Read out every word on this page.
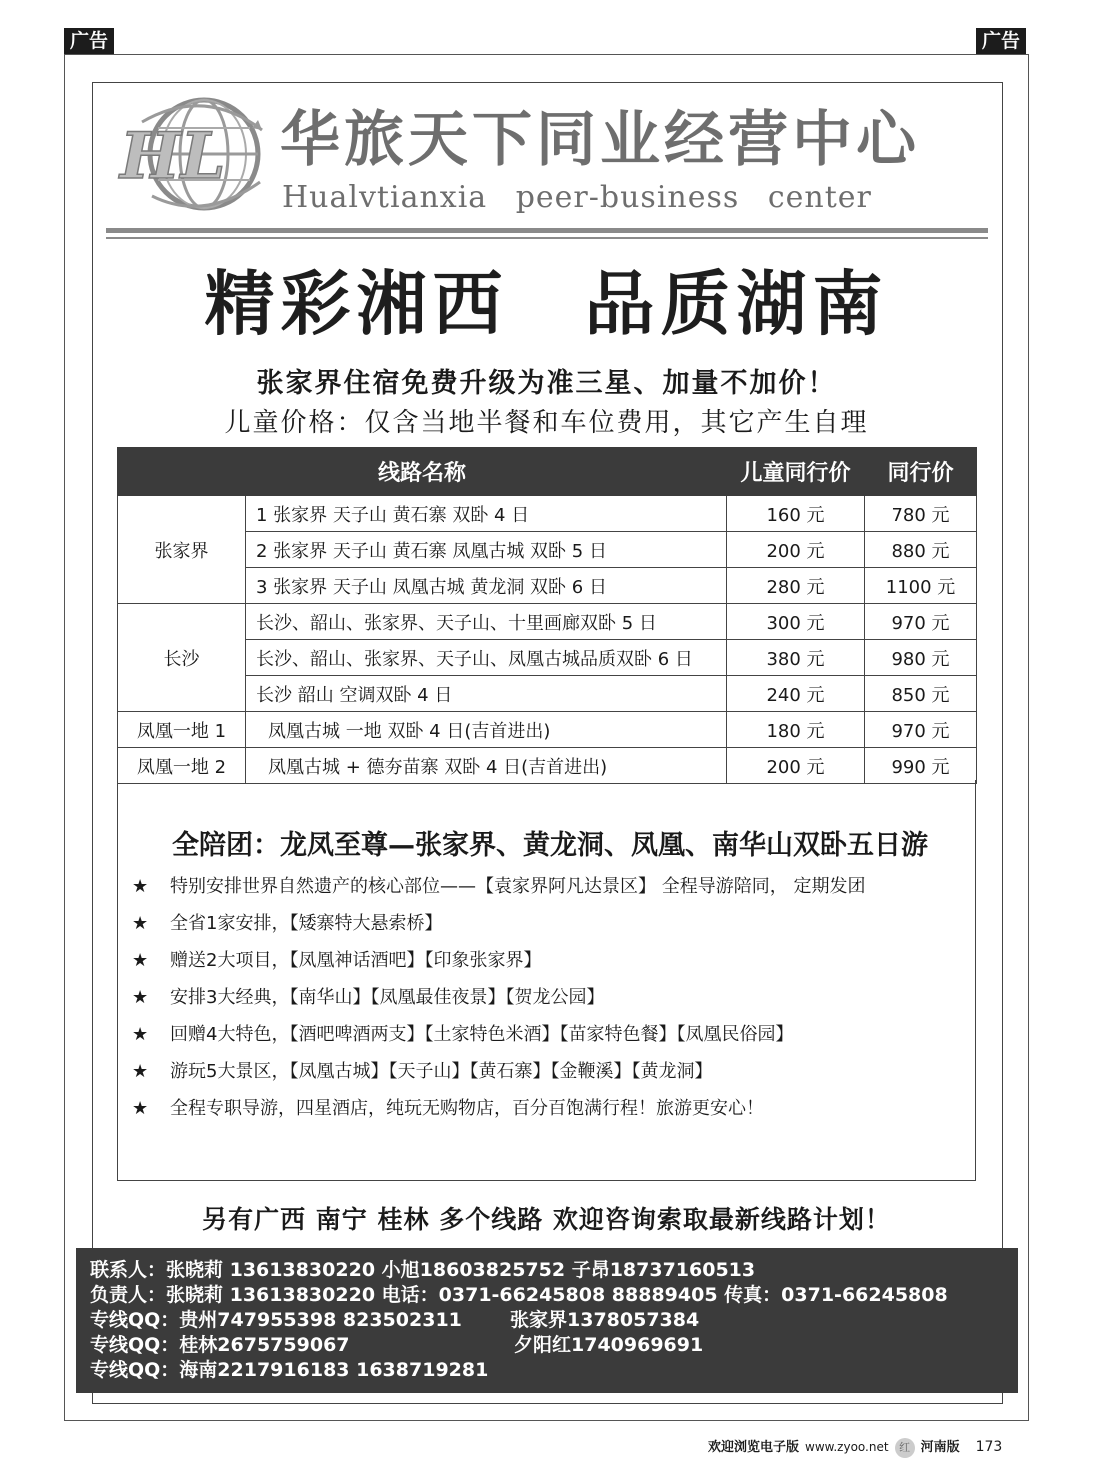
广告	广告
HL 华旅天下同业经营中心
Hualvtianxia peer-business center
精彩湘西　品质湖南
张家界住宿免费升级为准三星、加量不加价！
儿童价格：仅含当地半餐和车位费用，其它产生自理
线路名称		儿童同行价	同行价
张家界	1 张家界 天子山 黄石寨 双卧 4 日	160 元	780 元
	2 张家界 天子山 黄石寨 凤凰古城 双卧 5 日	200 元	880 元
	3 张家界 天子山 凤凰古城 黄龙洞 双卧 6 日	280 元	1100 元
长沙	长沙、韶山、张家界、天子山、十里画廊双卧 5 日	300 元	970 元
	长沙、韶山、张家界、天子山、凤凰古城品质双卧 6 日	380 元	980 元
	长沙 韶山 空调双卧 4 日	240 元	850 元
凤凰一地 1	凤凰古城 一地 双卧 4 日(吉首进出)	180 元	970 元
凤凰一地 2	凤凰古城 + 德夯苗寨 双卧 4 日(吉首进出)	200 元	990 元
全陪团：龙凤至尊—张家界、黄龙洞、凤凰、南华山双卧五日游
★ 特别安排世界自然遗产的核心部位——【袁家界阿凡达景区】 全程导游陪同， 定期发团
★ 全省1家安排，【矮寨特大悬索桥】
★ 赠送2大项目，【凤凰神话酒吧】【印象张家界】
★ 安排3大经典，【南华山】【凤凰最佳夜景】【贺龙公园】
★ 回赠4大特色，【酒吧啤酒两支】【土家特色米酒】【苗家特色餐】【凤凰民俗园】
★ 游玩5大景区，【凤凰古城】【天子山】【黄石寨】【金鞭溪】【黄龙洞】
★ 全程专职导游，四星酒店，纯玩无购物店，百分百饱满行程！旅游更安心！
另有广西 南宁 桂林 多个线路 欢迎咨询索取最新线路计划！
联系人：张晓莉 13613830220 小旭18603825752 子昂18737160513
负责人：张晓莉 13613830220 电话：0371-66245808 88889405 传真：0371-66245808
专线QQ：贵州747955398 823502311	张家界1378057384
专线QQ：桂林2675759067	夕阳红1740969691
专线QQ：海南2217916183 1638719281
欢迎浏览电子版 www.zyoo.net 红 河南版 173
